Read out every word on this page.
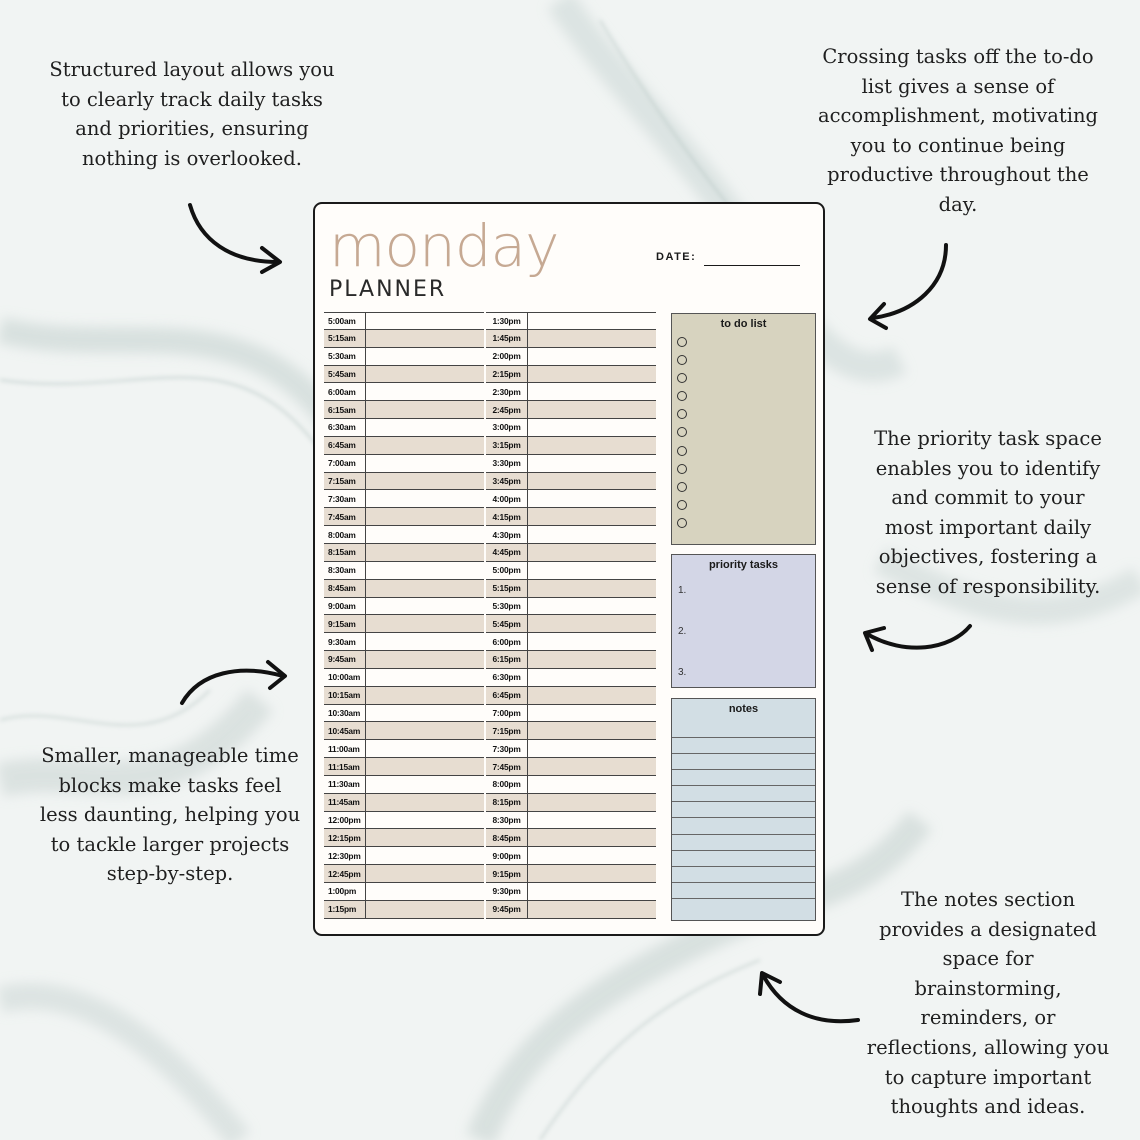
Structured layout allows you
to clearly track daily tasks
and priorities, ensuring
nothing is overlooked.
Crossing tasks off the to-do
list gives a sense of
accomplishment, motivating
you to continue being
productive throughout the
day.
The priority task space
enables you to identify
and commit to your
most important daily
objectives, fostering a
sense of responsibility.
Smaller, manageable time
blocks make tasks feel
less daunting, helping you
to tackle larger projects
step-by-step.
The notes section
provides a designated
space for
brainstorming,
reminders, or
reflections, allowing you
to capture important
thoughts and ideas.
monday
PLANNER
DATE:
5:00am
5:15am
5:30am
5:45am
6:00am
6:15am
6:30am
6:45am
7:00am
7:15am
7:30am
7:45am
8:00am
8:15am
8:30am
8:45am
9:00am
9:15am
9:30am
9:45am
10:00am
10:15am
10:30am
10:45am
11:00am
11:15am
11:30am
11:45am
12:00pm
12:15pm
12:30pm
12:45pm
1:00pm
1:15pm
1:30pm
1:45pm
2:00pm
2:15pm
2:30pm
2:45pm
3:00pm
3:15pm
3:30pm
3:45pm
4:00pm
4:15pm
4:30pm
4:45pm
5:00pm
5:15pm
5:30pm
5:45pm
6:00pm
6:15pm
6:30pm
6:45pm
7:00pm
7:15pm
7:30pm
7:45pm
8:00pm
8:15pm
8:30pm
8:45pm
9:00pm
9:15pm
9:30pm
9:45pm
to do list
priority tasks
1.
2.
3.
notes
